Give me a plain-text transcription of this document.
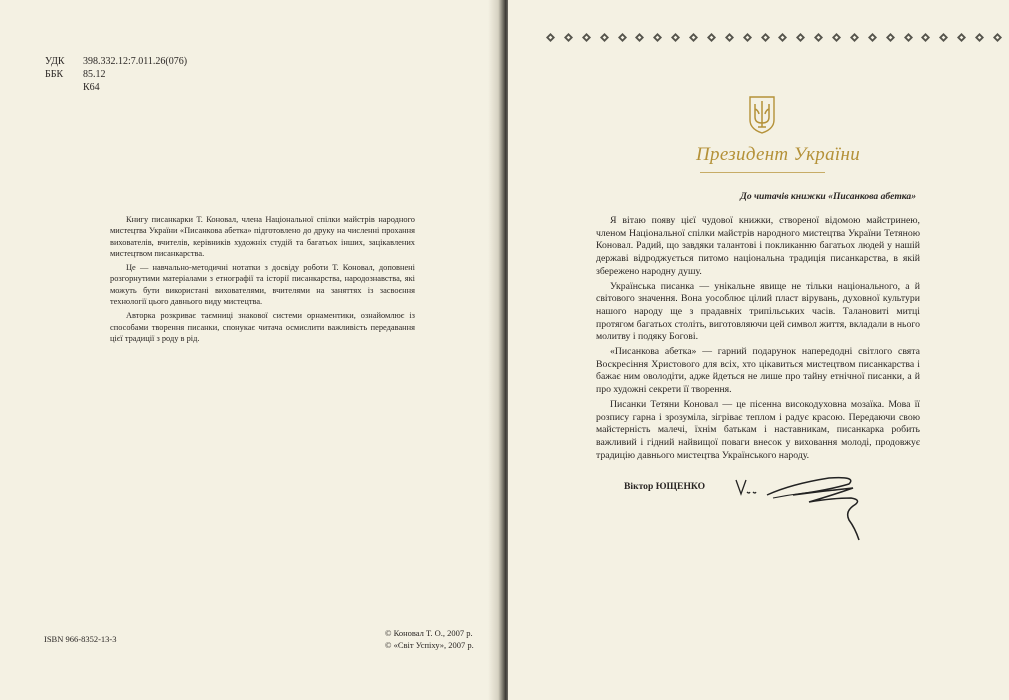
УДК	398.332.12:7.011.26(076)
ББК	85.12
К64

Книгу писанкарки Т. Коновал, члена Національної спілки майстрів народного мистецтва України «Писанкова абетка» підготовлено до друку на численні прохання вихователів, вчителів, керівників художніх студій та багатьох інших, зацікавлених мистецтвом писанкарства.

Це — навчально-методичні нотатки з досвіду роботи Т. Коновал, доповнені розгорнутими матеріалами з етнографії та історії писанкарства, народознавства, які можуть бути використані вихователями, вчителями на заняттях із засвоєння технології цього давнього виду мистецтва.

Авторка розкриває таємниці знакової системи орнаментики, ознайомлює із способами творення писанки, спонукає читача осмислити важливість передавання цієї традиції з роду в рід.

ISBN 966-8352-13-3
© Коновал Т. О., 2007 р.
© «Світ Успіху», 2007 р.
Президент України
До читачів книжки «Писанкова абетка»

Я вітаю появу цієї чудової книжки, створеної відомою майстринею, членом Національної спілки майстрів народного мистецтва України Тетяною Коновал. Радий, що завдяки талантові і покликанню багатьох людей у нашій державі відроджується питомо національна традиція писанкарства, в якій збережено народну душу.

Українська писанка — унікальне явище не тільки національного, а й світового значення. Вона уособлює цілий пласт вірувань, духовної культури нашого народу ще з прадавніх трипільських часів. Талановиті митці протягом багатьох століть, виготовляючи цей символ життя, вкладали в нього молитву і подяку Богові.

«Писанкова абетка» — гарний подарунок напередодні світлого свята Воскресіння Христового для всіх, хто цікавиться мистецтвом писанкарства і бажає ним оволодіти, адже йдеться не лише про тайну етнічної писанки, а й про художні секрети її творення.

Писанки Тетяни Коновал — це пісенна високодуховна мозаїка. Мова її розпису гарна і зрозуміла, зігріває теплом і радує красою. Передаючи свою майстерність малечі, їхнім батькам і наставникам, писанкарка робить важливий і гідний найвищої поваги внесок у виховання молоді, продовжує традицію давнього мистецтва Українського народу.

Віктор ЮЩЕНКО
